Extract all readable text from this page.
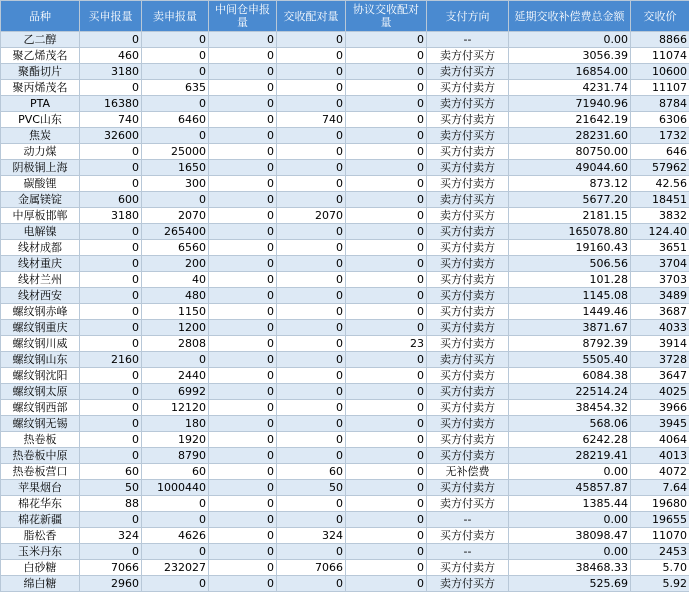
品种	买申报量	卖申报量	中间仓申报量	交收配对量	协议交收配对量	支付方向	延期交收补偿费总金额	交收价
乙二醇	0	0	0	0	0	--	0.00	8866
聚乙烯茂名	460	0	0	0	0	卖方付买方	3056.39	11074
聚酯切片	3180	0	0	0	0	卖方付买方	16854.00	10600
聚丙烯茂名	0	635	0	0	0	买方付卖方	4231.74	11107
PTA	16380	0	0	0	0	卖方付买方	71940.96	8784
PVC山东	740	6460	0	740	0	买方付卖方	21642.19	6306
焦炭	32600	0	0	0	0	卖方付买方	28231.60	1732
动力煤	0	25000	0	0	0	买方付卖方	80750.00	646
阴极铜上海	0	1650	0	0	0	买方付卖方	49044.60	57962
碳酸锂	0	300	0	0	0	买方付卖方	873.12	42.56
金属镁锭	600	0	0	0	0	卖方付买方	5677.20	18451
中厚板邯郸	3180	2070	0	2070	0	卖方付买方	2181.15	3832
电解镍	0	265400	0	0	0	买方付卖方	165078.80	124.40
线材成都	0	6560	0	0	0	买方付卖方	19160.43	3651
线材重庆	0	200	0	0	0	买方付卖方	506.56	3704
线材兰州	0	40	0	0	0	买方付卖方	101.28	3703
线材西安	0	480	0	0	0	买方付卖方	1145.08	3489
螺纹钢赤峰	0	1150	0	0	0	买方付卖方	1449.46	3687
螺纹钢重庆	0	1200	0	0	0	买方付卖方	3871.67	4033
螺纹钢川威	0	2808	0	0	23	买方付卖方	8792.39	3914
螺纹钢山东	2160	0	0	0	0	卖方付买方	5505.40	3728
螺纹钢沈阳	0	2440	0	0	0	买方付卖方	6084.38	3647
螺纹钢太原	0	6992	0	0	0	买方付卖方	22514.24	4025
螺纹钢西部	0	12120	0	0	0	买方付卖方	38454.32	3966
螺纹钢无锡	0	180	0	0	0	买方付卖方	568.06	3945
热卷板	0	1920	0	0	0	买方付卖方	6242.28	4064
热卷板中原	0	8790	0	0	0	买方付卖方	28219.41	4013
热卷板营口	60	60	0	60	0	无补偿费	0.00	4072
苹果烟台	50	1000440	0	50	0	买方付卖方	45857.87	7.64
棉花华东	88	0	0	0	0	卖方付买方	1385.44	19680
棉花新疆	0	0	0	0	0	--	0.00	19655
脂松香	324	4626	0	324	0	买方付卖方	38098.47	11070
玉米丹东	0	0	0	0	0	--	0.00	2453
白砂糖	7066	232027	0	7066	0	买方付卖方	38468.33	5.70
绵白糖	2960	0	0	0	0	卖方付买方	525.69	5.92
